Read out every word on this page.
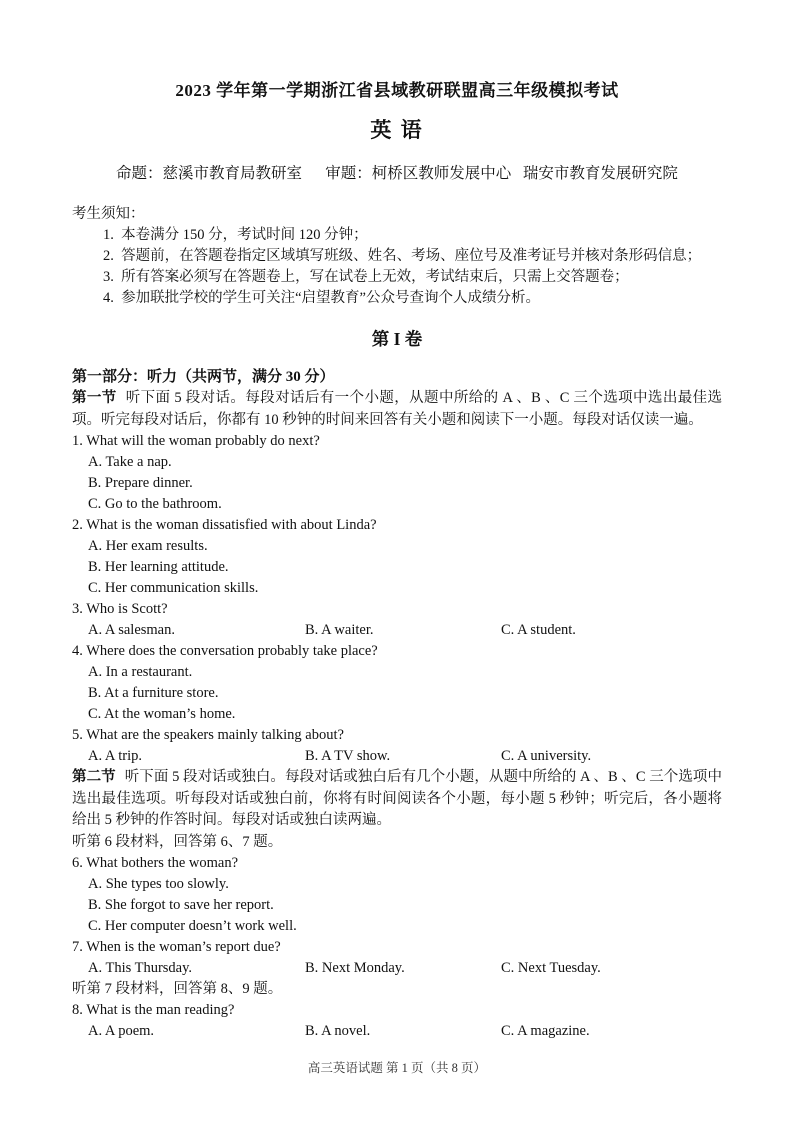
2023 学年第一学期浙江省县域教研联盟高三年级模拟考试
英 语
命题：慈溪市教育局教研室      审题：柯桥区教师发展中心   瑞安市教育发展研究院
考生须知：
1.  本卷满分 150 分，考试时间 120 分钟；
2.  答题前，在答题卷指定区域填写班级、姓名、考场、座位号及准考证号并核对条形码信息；
3.  所有答案必须写在答题卷上，写在试卷上无效，考试结束后，只需上交答题卷；
4.  参加联批学校的学生可关注“启望教育”公众号查询个人成绩分析。
第 I 卷
第一部分：听力（共两节，满分 30 分）

第一节 听下面 5 段对话。每段对话后有一个小题，从题中所给的 A 、B 、C 三个选项中选出最佳选项。听完每段对话后，你都有 10 秒钟的时间来回答有关小题和阅读下一小题。每段对话仅读一遍。

1. What will the woman probably do next?
A. Take a nap.
B. Prepare dinner.
C. Go to the bathroom.
2. What is the woman dissatisfied with about Linda?
A. Her exam results.
B. Her learning attitude.
C. Her communication skills.
3. Who is Scott?
A. A salesman.	B. A waiter.	C. A student.
4. Where does the conversation probably take place?
A. In a restaurant.
B. At a furniture store.
C. At the woman’s home.
5. What are the speakers mainly talking about?
A. A trip.	B. A TV show.	C. A university.

第二节 听下面 5 段对话或独白。每段对话或独白后有几个小题，从题中所给的 A 、B 、C 三个选项中选出最佳选项。听每段对话或独白前，你将有时间阅读各个小题，每小题 5 秒钟；听完后，各小题将给出 5 秒钟的作答时间。每段对话或独白读两遍。

听第 6 段材料，回答第 6、7 题。

6. What bothers the woman?
A. She types too slowly.
B. She forgot to save her report.
C. Her computer doesn’t work well.
7. When is the woman’s report due?
A. This Thursday.	B. Next Monday.	C. Next Tuesday.

听第 7 段材料，回答第 8、9 题。

8. What is the man reading?
A. A poem.	B. A novel.	C. A magazine.
高三英语试题 第 1 页（共 8 页）
